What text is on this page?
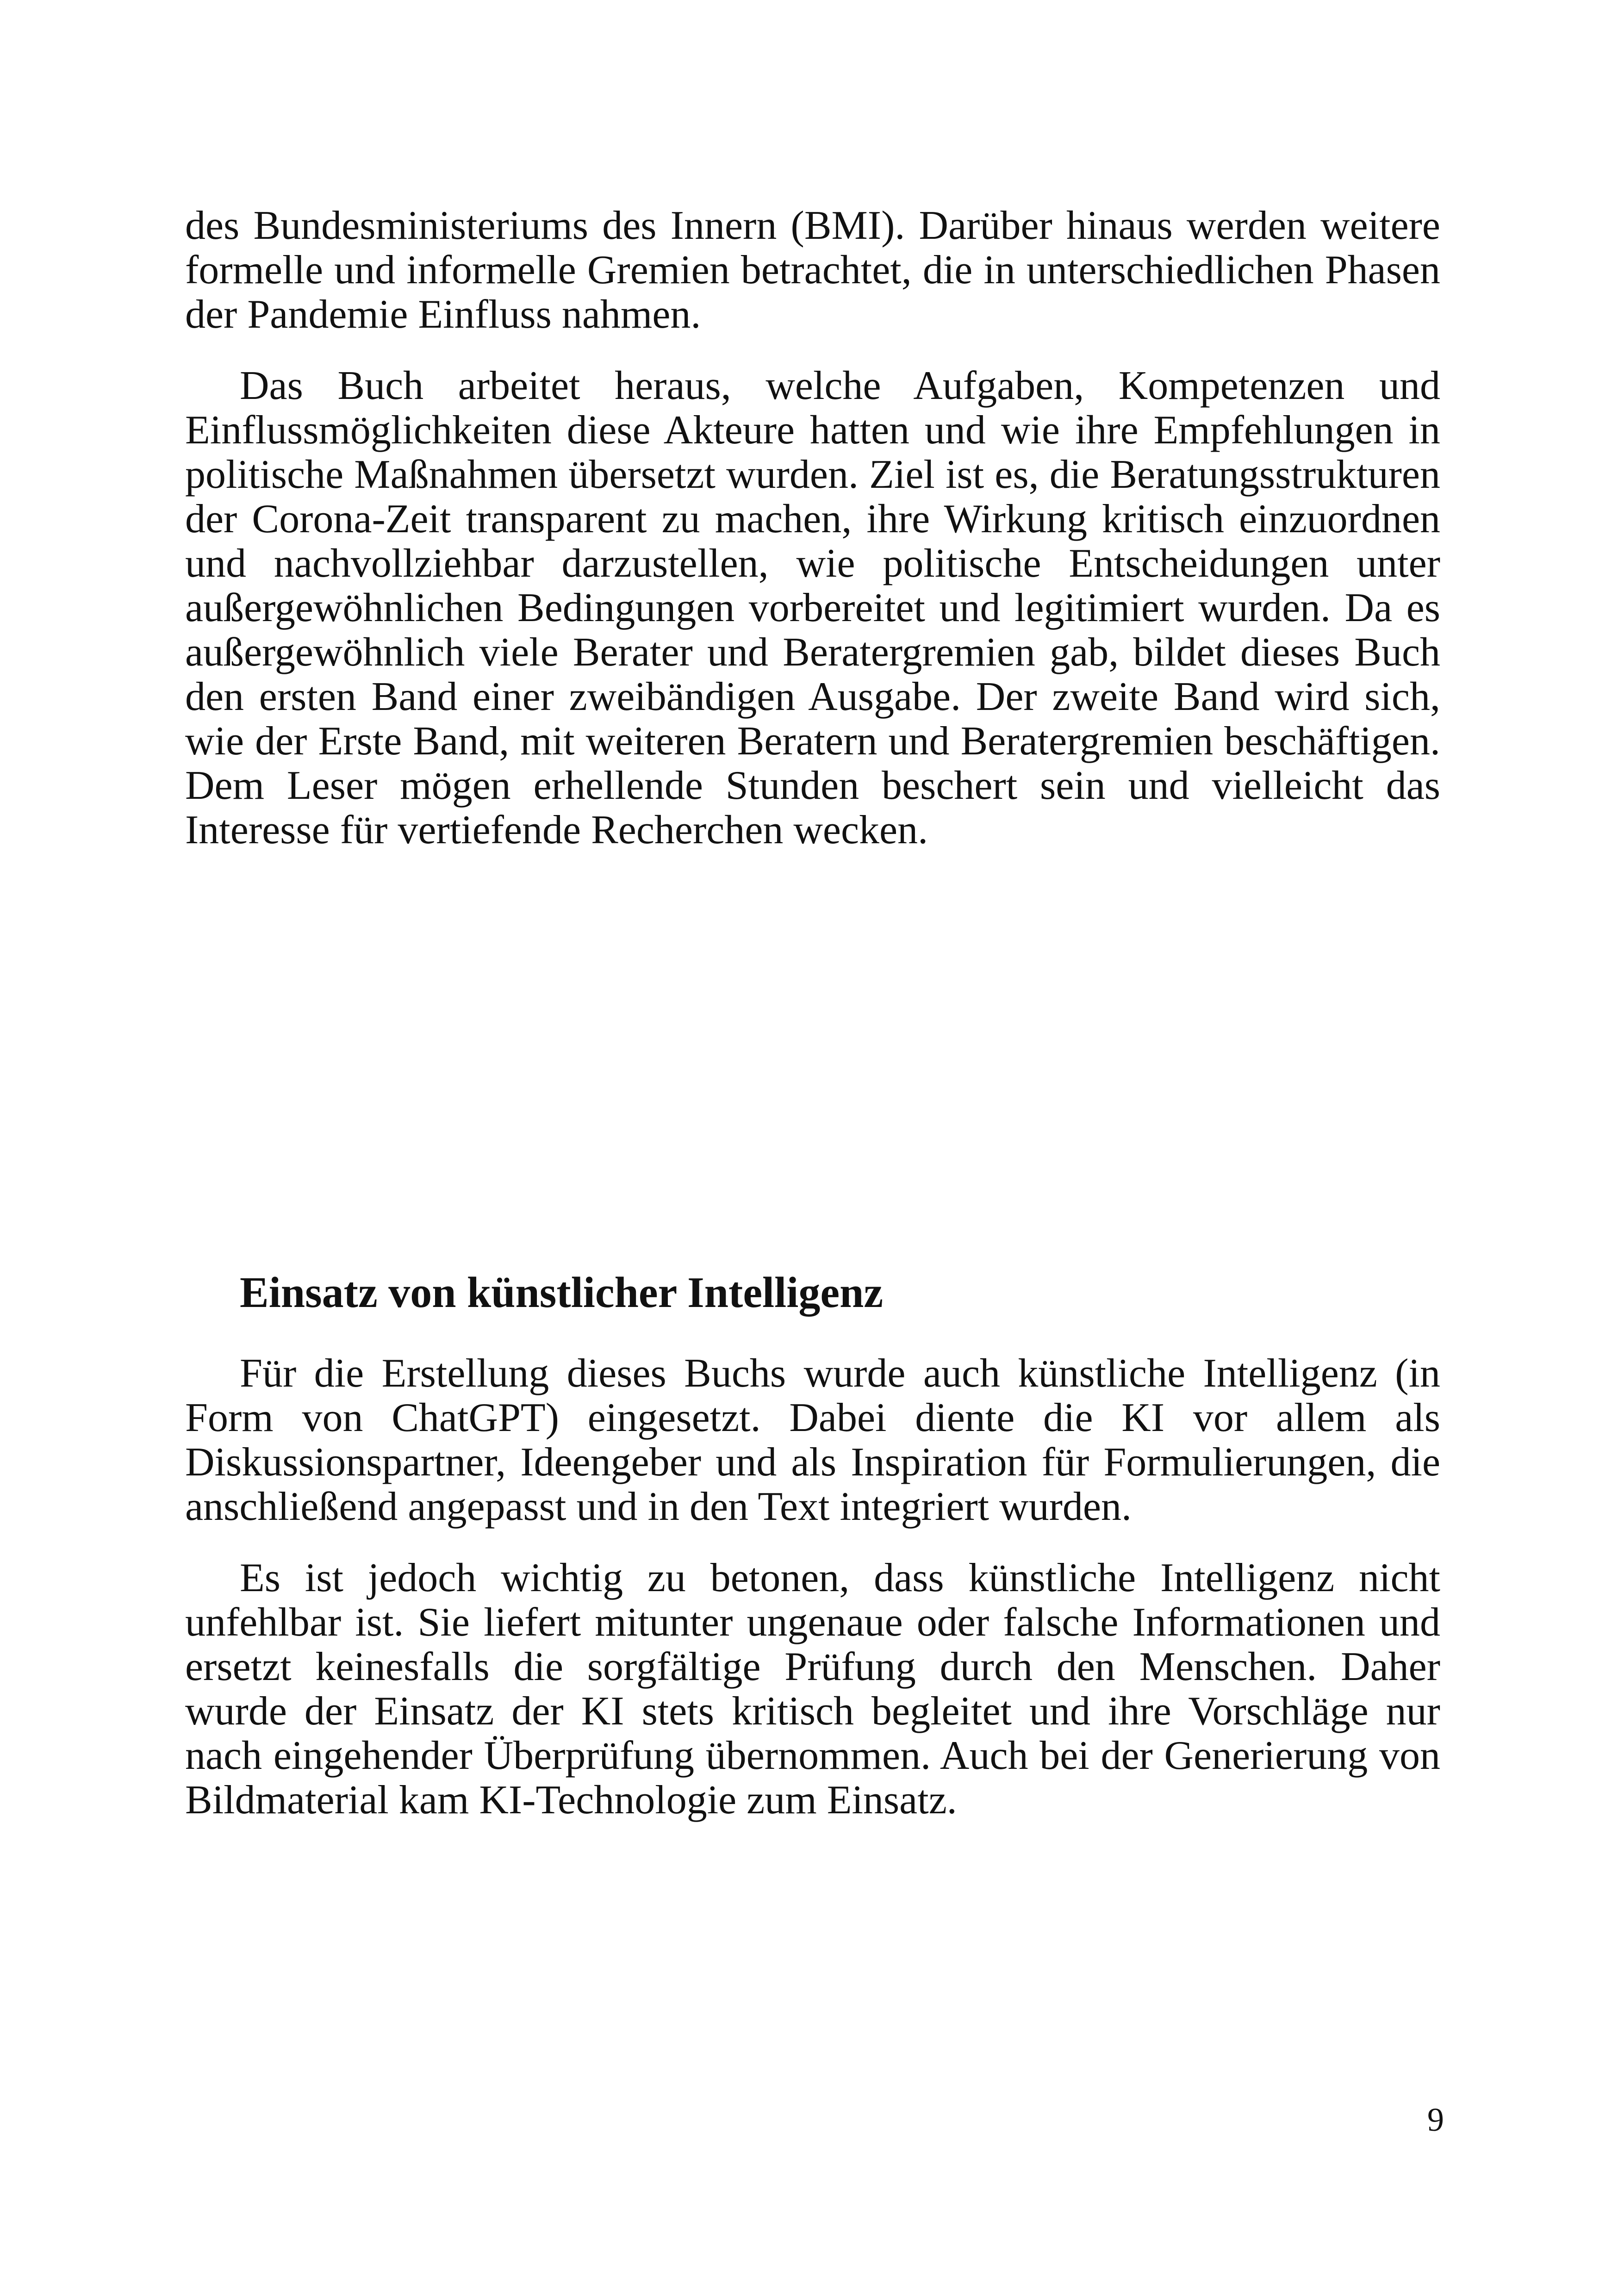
des Bundesministeriums des Innern (BMI). Darüber hinaus werden weitere formelle und informelle Gremien betrachtet, die in unterschiedlichen Phasen der Pandemie Einfluss nahmen.

Das Buch arbeitet heraus, welche Aufgaben, Kompetenzen und Einflussmöglichkeiten diese Akteure hatten und wie ihre Empfehlungen in politische Maßnahmen übersetzt wurden. Ziel ist es, die Beratungsstrukturen der Corona-Zeit transparent zu machen, ihre Wirkung kritisch einzuordnen und nachvollziehbar darzustellen, wie politische Entscheidungen unter außergewöhnlichen Bedingungen vorbereitet und legitimiert wurden. Da es außergewöhnlich viele Berater und Beratergremien gab, bildet dieses Buch den ersten Band einer zweibändigen Ausgabe. Der zweite Band wird sich, wie der Erste Band, mit weiteren Beratern und Beratergremien beschäftigen. Dem Leser mögen erhellende Stunden beschert sein und vielleicht das Interesse für vertiefende Recherchen wecken.

Einsatz von künstlicher Intelligenz

Für die Erstellung dieses Buchs wurde auch künstliche Intelligenz (in Form von ChatGPT) eingesetzt. Dabei diente die KI vor allem als Diskussionspartner, Ideengeber und als Inspiration für Formulierungen, die anschließend angepasst und in den Text integriert wurden.

Es ist jedoch wichtig zu betonen, dass künstliche Intelligenz nicht unfehlbar ist. Sie liefert mitunter ungenaue oder falsche Informationen und ersetzt keinesfalls die sorgfältige Prüfung durch den Menschen. Daher wurde der Einsatz der KI stets kritisch begleitet und ihre Vorschläge nur nach eingehender Überprüfung übernommen. Auch bei der Generierung von Bildmaterial kam KI-Technologie zum Einsatz.

9
